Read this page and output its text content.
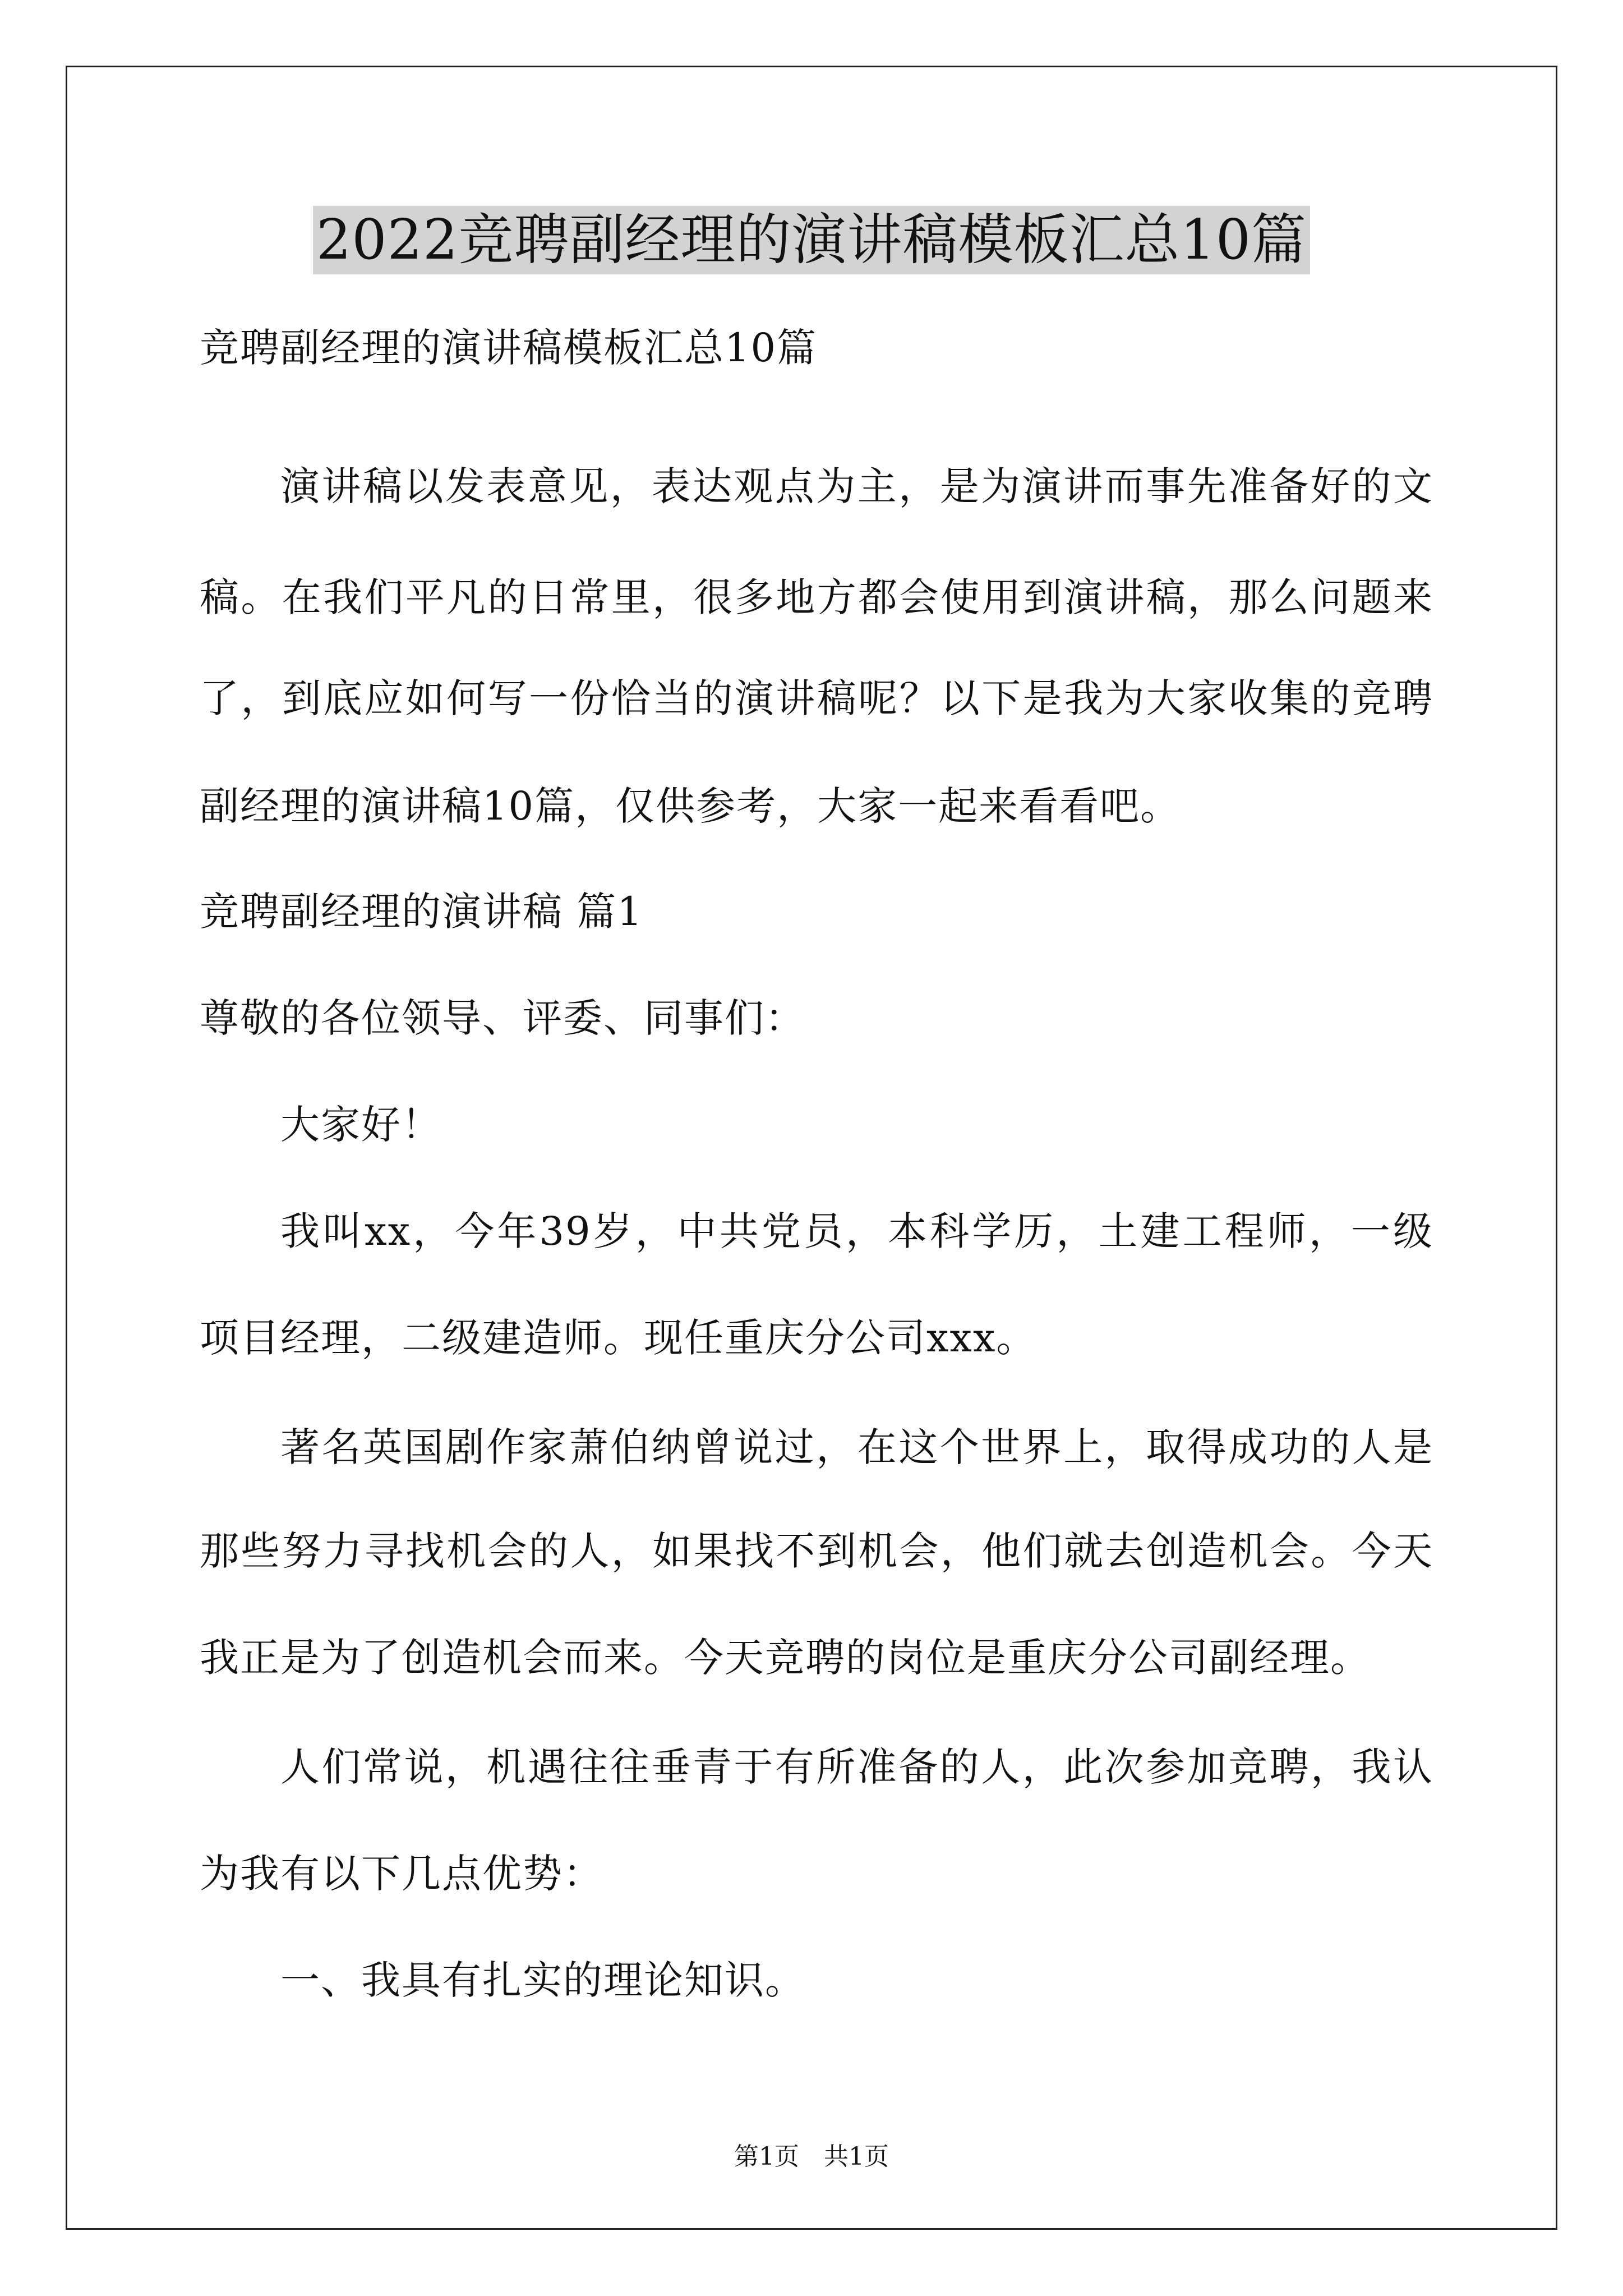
2022竞聘副经理的演讲稿模板汇总10篇
竞聘副经理的演讲稿模板汇总10篇
演讲稿以发表意见，表达观点为主，是为演讲而事先准备好的文
稿。在我们平凡的日常里，很多地方都会使用到演讲稿，那么问题来
了，到底应如何写一份恰当的演讲稿呢？以下是我为大家收集的竞聘
副经理的演讲稿10篇，仅供参考，大家一起来看看吧。
竞聘副经理的演讲稿 篇1
尊敬的各位领导、评委、同事们：
大家好！
我叫xx，今年39岁，中共党员，本科学历，土建工程师，一级
项目经理，二级建造师。现任重庆分公司xxx。
著名英国剧作家萧伯纳曾说过，在这个世界上，取得成功的人是
那些努力寻找机会的人，如果找不到机会，他们就去创造机会。今天
我正是为了创造机会而来。今天竞聘的岗位是重庆分公司副经理。
人们常说，机遇往往垂青于有所准备的人，此次参加竞聘，我认
为我有以下几点优势：
一、我具有扎实的理论知识。
第1页　共1页
